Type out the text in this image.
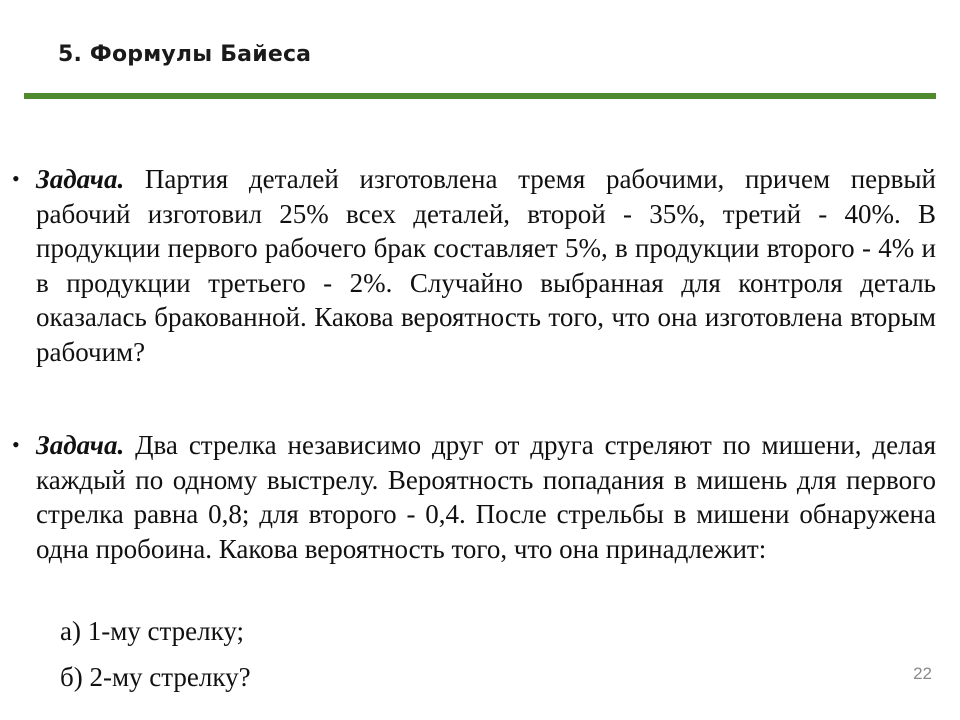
5. Формулы Байеса
• Задача. Партия деталей изготовлена тремя рабочими, причем первый рабочий изготовил 25% всех деталей, второй - 35%, третий - 40%. В продукции первого рабочего брак составляет 5%, в продукции второго - 4% и в продукции третьего - 2%. Случайно выбранная для контроля деталь оказалась бракованной. Какова вероятность того, что она изготовлена вторым рабочим?
• Задача. Два стрелка независимо друг от друга стреляют по мишени, делая каждый по одному выстрелу. Вероятность попадания в мишень для первого стрелка равна 0,8; для второго - 0,4. После стрельбы в мишени обнаружена одна пробоина. Какова вероятность того, что она принадлежит:
а) 1-му стрелку;
б) 2-му стрелку?	22
